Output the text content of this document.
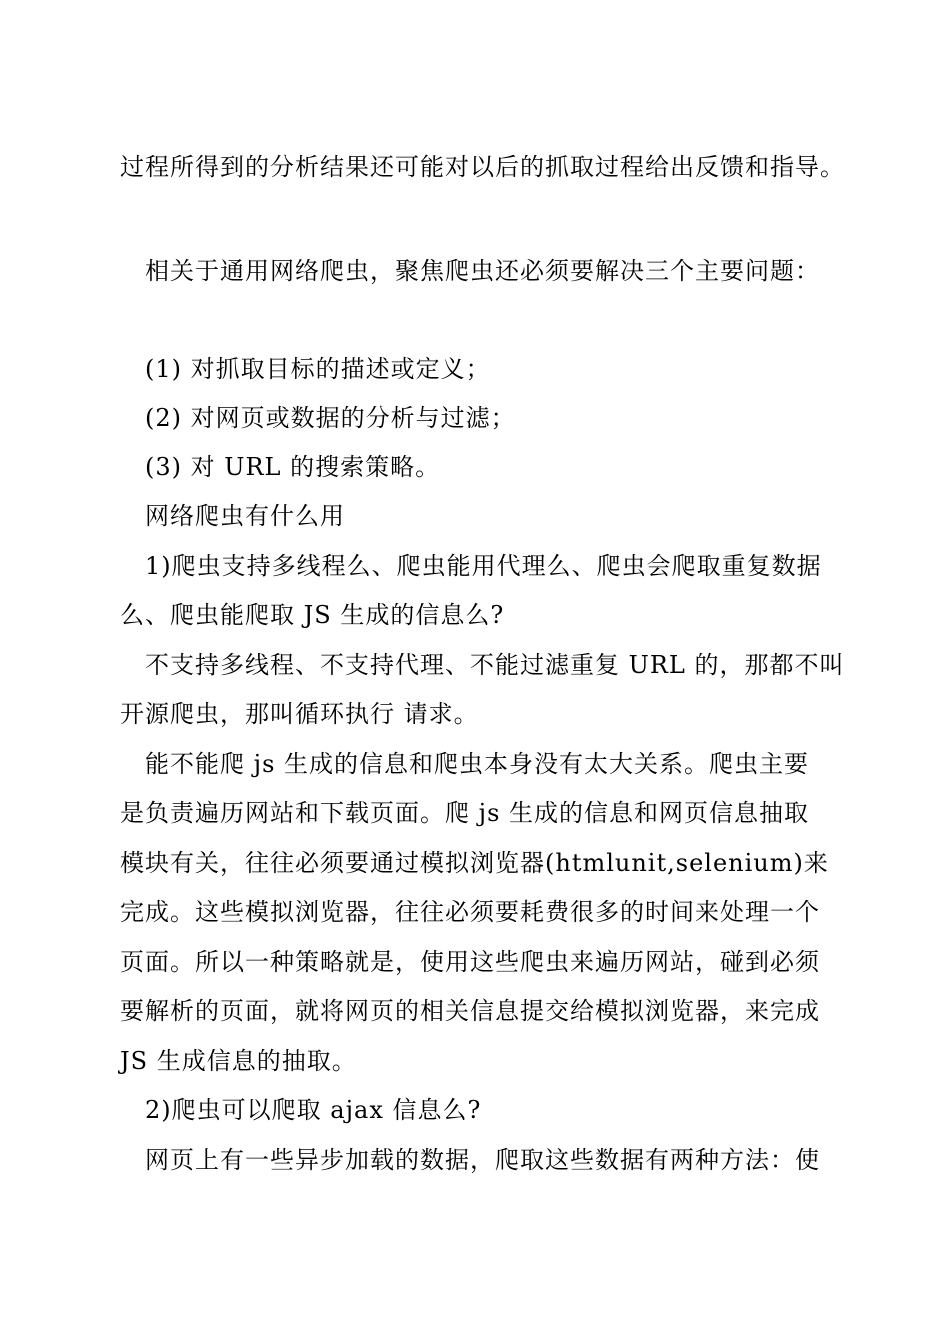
过程所得到的分析结果还可能对以后的抓取过程给出反馈和指导。
相关于通用网络爬虫，聚焦爬虫还必须要解决三个主要问题：
(1) 对抓取目标的描述或定义；
(2) 对网页或数据的分析与过滤；
(3) 对 URL 的搜索策略。
网络爬虫有什么用
1)爬虫支持多线程么、爬虫能用代理么、爬虫会爬取重复数据
么、爬虫能爬取 JS 生成的信息么?
不支持多线程、不支持代理、不能过滤重复 URL 的，那都不叫
开源爬虫，那叫循环执行 请求。
能不能爬 js 生成的信息和爬虫本身没有太大关系。爬虫主要
是负责遍历网站和下载页面。爬 js 生成的信息和网页信息抽取
模块有关，往往必须要通过模拟浏览器(htmlunit,selenium)来
完成。这些模拟浏览器，往往必须要耗费很多的时间来处理一个
页面。所以一种策略就是，使用这些爬虫来遍历网站，碰到必须
要解析的页面，就将网页的相关信息提交给模拟浏览器，来完成
JS 生成信息的抽取。
2)爬虫可以爬取 ajax 信息么?
网页上有一些异步加载的数据，爬取这些数据有两种方法：使
